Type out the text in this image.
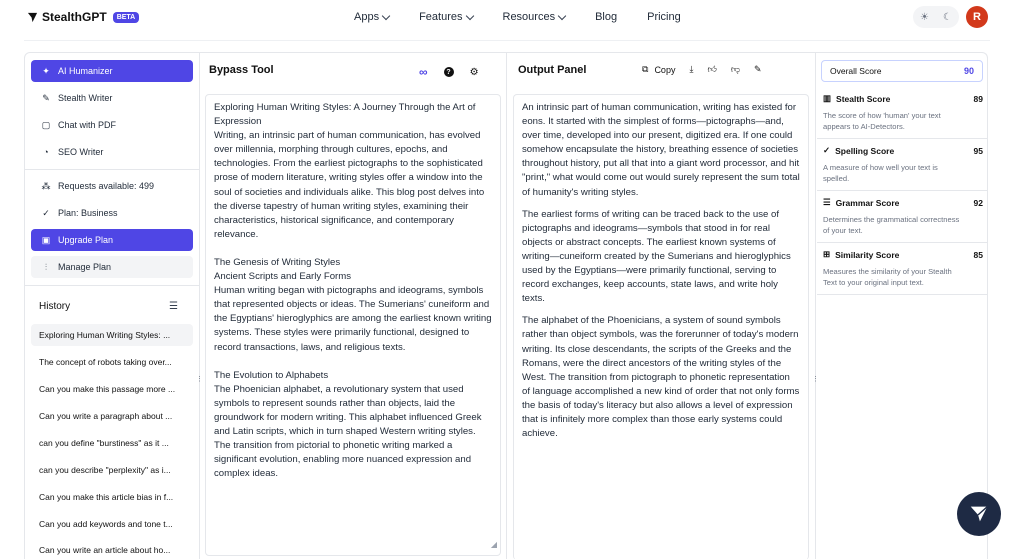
StealthGPT	BETA	Apps	Features	Resources	Blog	Pricing	☀ ☾	R
✦ AI Humanizer
✎ Stealth Writer
▢ Chat with PDF
◔ SEO Writer
⁂ Requests available: 499
✓ Plan: Business
▣ Upgrade Plan
⫶	Manage Plan
History	☰
Exploring Human Writing Styles: ...
The concept of robots taking over...
Can you make this passage more ...
Can you write a paragraph about ...
can you define "burstiness" as it ...
can you describe "perplexity" as i...
Can you make this article bias in f...
Can you add keywords and tone t...
Can you write an article about ho...
Bypass Tool	∞	? ⚙

Exploring Human Writing Styles: A Journey Through the Art of Expression

Writing, an intrinsic part of human communication, has evolved over millennia, morphing through cultures, epochs, and technologies. From the earliest pictographs to the sophisticated prose of modern literature, writing styles offer a window into the soul of societies and individuals alike. This blog post delves into the diverse tapestry of human writing styles, examining their characteristics, historical significance, and contemporary relevance.

The Genesis of Writing Styles

Ancient Scripts and Early Forms

Human writing began with pictographs and ideograms, symbols that represented objects or ideas. The Sumerians' cuneiform and the Egyptians' hieroglyphics are among the earliest known writing systems. These styles were primarily functional, designed to record transactions, laws, and religious texts.

The Evolution to Alphabets

The Phoenician alphabet, a revolutionary system that used symbols to represent sounds rather than objects, laid the groundwork for modern writing. This alphabet influenced Greek and Latin scripts, which in turn shaped Western writing styles. The transition from pictorial to phonetic writing marked a significant evolution, enabling more nuanced expression and complex ideas.

◢
⋮
Output Panel	⧉ Copy ⤓ 👍︎ 👎︎ ✎

An intrinsic part of human communication, writing has existed for eons. It started with the simplest of forms—pictographs—and, over time, developed into our present, digitized era. If one could somehow encapsulate the history, breathing essence of societies throughout history, put all that into a giant word processor, and hit "print," what would come out would surely represent the sum total of humanity's writing styles.

The earliest forms of writing can be traced back to the use of pictographs and ideograms—symbols that stood in for real objects or abstract concepts. The earliest known systems of writing—cuneiform created by the Sumerians and hieroglyphics used by the Egyptians—were primarily functional, serving to record exchanges, keep accounts, state laws, and write holy texts.

The alphabet of the Phoenicians, a system of sound symbols rather than object symbols, was the forerunner of today's modern writing. Its close descendants, the scripts of the Greeks and the Romans, were the direct ancestors of the writing styles of the West. The transition from pictograph to phonetic representation of language accomplished a new kind of order that not only forms the basis of today's literacy but also allows a level of expression that is infinitely more complex than those early systems could achieve.

⋮
Overall Score	90
▥ Stealth Score	89
The score of how 'human' your text appears to AI-Detectors.
✓ Spelling Score	95
A measure of how well your text is spelled.
☰ Grammar Score	92
Determines the grammatical correctness of your text.
⊞ Similarity Score	85
Measures the similarity of your Stealth Text to your original input text.
